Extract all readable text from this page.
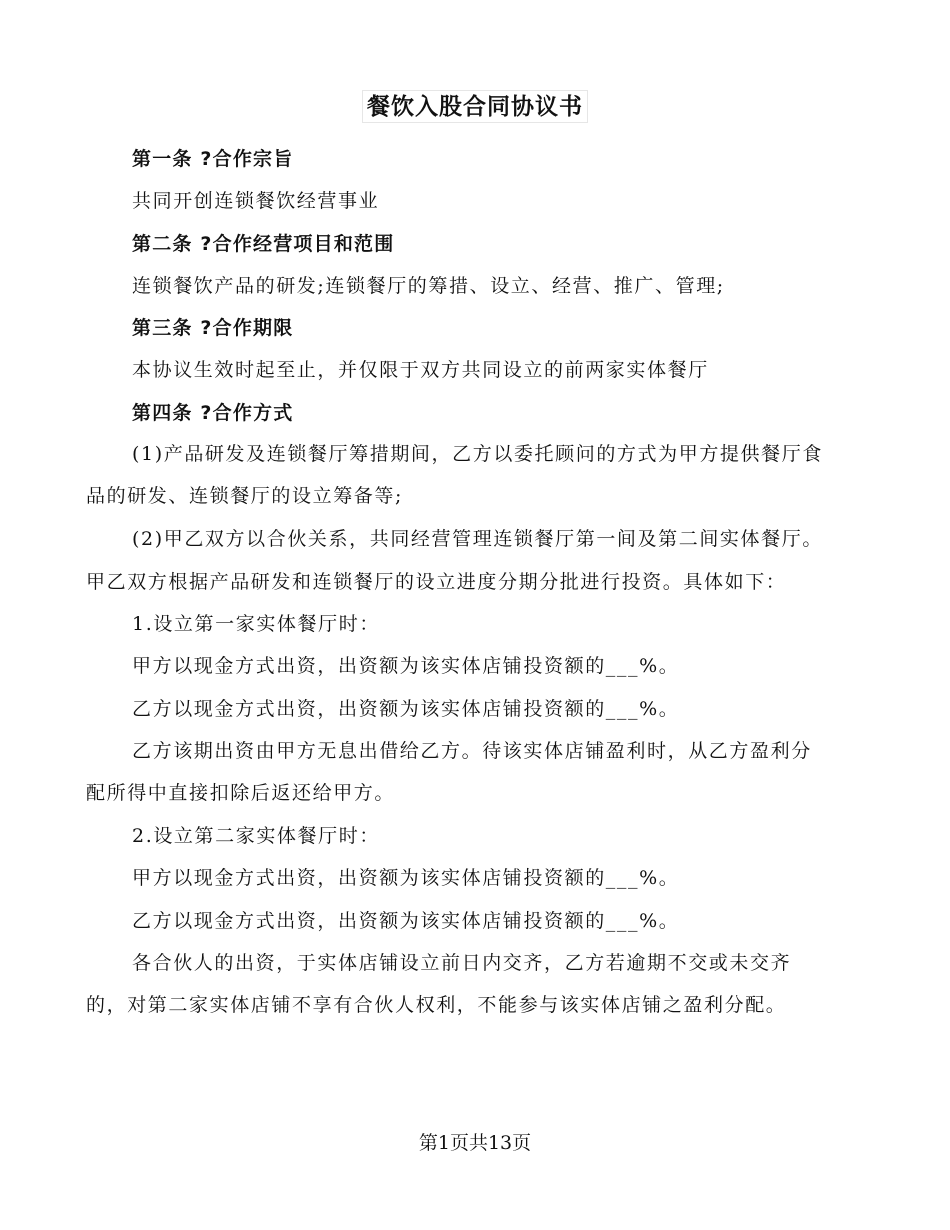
餐饮入股合同协议书
第一条 ?合作宗旨
共同开创连锁餐饮经营事业
第二条 ?合作经营项目和范围
连锁餐饮产品的研发;连锁餐厅的筹措、设立、经营、推广、管理;
第三条 ?合作期限
本协议生效时起至止，并仅限于双方共同设立的前两家实体餐厅
第四条 ?合作方式
(1)产品研发及连锁餐厅筹措期间，乙方以委托顾问的方式为甲方提供餐厅食
品的研发、连锁餐厅的设立筹备等;
(2)甲乙双方以合伙关系，共同经营管理连锁餐厅第一间及第二间实体餐厅。
甲乙双方根据产品研发和连锁餐厅的设立进度分期分批进行投资。具体如下：
1.设立第一家实体餐厅时：
甲方以现金方式出资，出资额为该实体店铺投资额的___%。
乙方以现金方式出资，出资额为该实体店铺投资额的___%。
乙方该期出资由甲方无息出借给乙方。待该实体店铺盈利时，从乙方盈利分
配所得中直接扣除后返还给甲方。
2.设立第二家实体餐厅时：
甲方以现金方式出资，出资额为该实体店铺投资额的___%。
乙方以现金方式出资，出资额为该实体店铺投资额的___%。
各合伙人的出资，于实体店铺设立前日内交齐，乙方若逾期不交或未交齐
的，对第二家实体店铺不享有合伙人权利，不能参与该实体店铺之盈利分配。
第1页共13页
